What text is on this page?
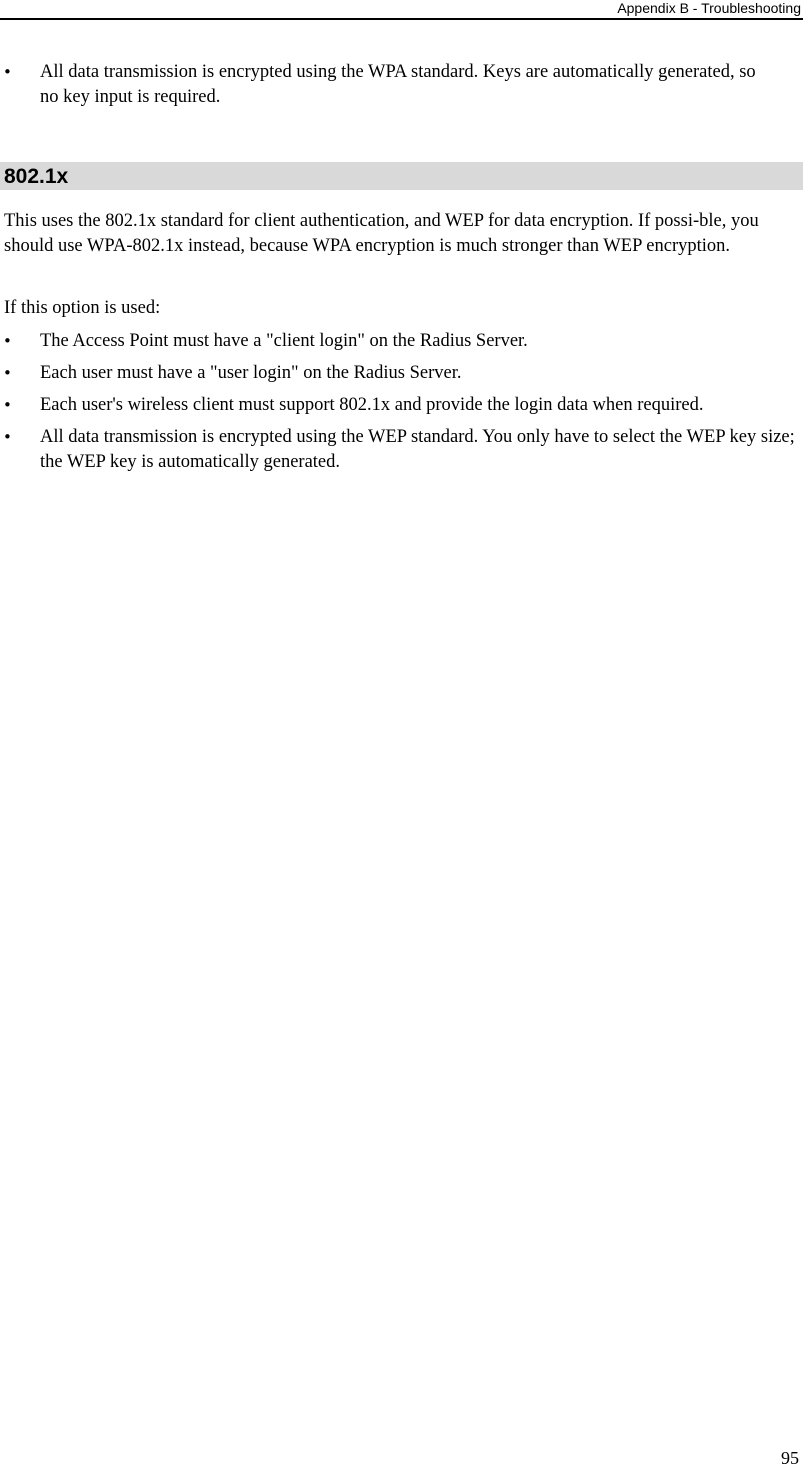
Appendix B - Troubleshooting
• All data transmission is encrypted using the WPA standard. Keys are automatically generated, so no key input is required.
802.1x

This uses the 802.1x standard for client authentication, and WEP for data encryption. If possi-ble, you should use WPA-802.1x instead, because WPA encryption is much stronger than WEP encryption.

If this option is used:

• The Access Point must have a "client login" on the Radius Server.
• Each user must have a "user login" on the Radius Server.
• Each user's wireless client must support 802.1x and provide the login data when required.
• All data transmission is encrypted using the WEP standard. You only have to select the WEP key size; the WEP key is automatically generated.
95
